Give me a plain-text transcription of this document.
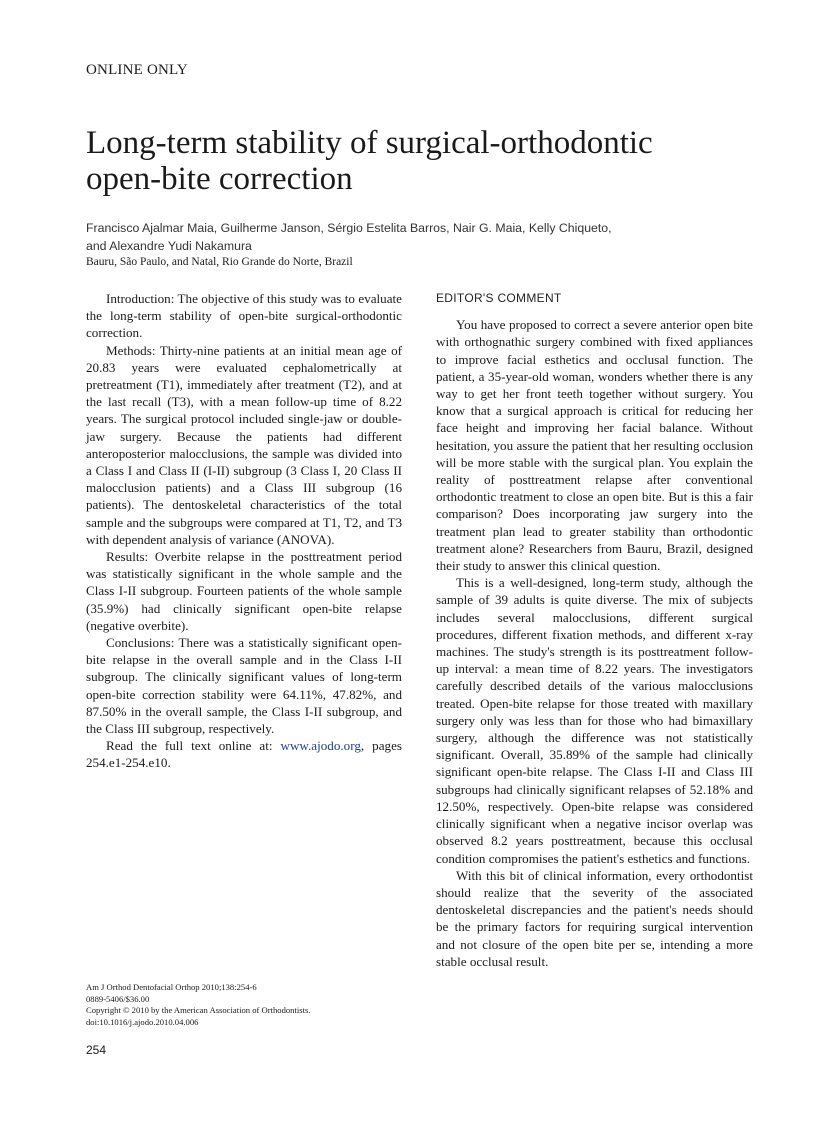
ONLINE ONLY
Long-term stability of surgical-orthodontic
open-bite correction
Francisco Ajalmar Maia, Guilherme Janson, Sérgio Estelita Barros, Nair G. Maia, Kelly Chiqueto,
and Alexandre Yudi Nakamura
Bauru, São Paulo, and Natal, Rio Grande do Norte, Brazil

Introduction: The objective of this study was to evaluate the long-term stability of open-bite surgical-orthodontic correction.

Methods: Thirty-nine patients at an initial mean age of 20.83 years were evaluated cephalometrically at pretreatment (T1), immediately after treatment (T2), and at the last recall (T3), with a mean follow-up time of 8.22 years. The surgical protocol included single-jaw or double-jaw surgery. Because the patients had different anteroposterior malocclusions, the sample was divided into a Class I and Class II (I-II) subgroup (3 Class I, 20 Class II malocclusion patients) and a Class III subgroup (16 patients). The dentoskeletal characteristics of the total sample and the subgroups were compared at T1, T2, and T3 with dependent analysis of variance (ANOVA).

Results: Overbite relapse in the posttreatment period was statistically significant in the whole sample and the Class I-II subgroup. Fourteen patients of the whole sample (35.9%) had clinically significant open-bite relapse (negative overbite).

Conclusions: There was a statistically significant open-bite relapse in the overall sample and in the Class I-II subgroup. The clinically significant values of long-term open-bite correction stability were 64.11%, 47.82%, and 87.50% in the overall sample, the Class I-II subgroup, and the Class III subgroup, respectively.

Read the full text online at: www.ajodo.org, pages 254.e1-254.e10.

EDITOR'S COMMENT

You have proposed to correct a severe anterior open bite with orthognathic surgery combined with fixed appliances to improve facial esthetics and occlusal function. The patient, a 35-year-old woman, wonders whether there is any way to get her front teeth together without surgery. You know that a surgical approach is critical for reducing her face height and improving her facial balance. Without hesitation, you assure the patient that her resulting occlusion will be more stable with the surgical plan. You explain the reality of posttreatment relapse after conventional orthodontic treatment to close an open bite. But is this a fair comparison? Does incorporating jaw surgery into the treatment plan lead to greater stability than orthodontic treatment alone? Researchers from Bauru, Brazil, designed their study to answer this clinical question.

This is a well-designed, long-term study, although the sample of 39 adults is quite diverse. The mix of subjects includes several malocclusions, different surgical procedures, different fixation methods, and different x-ray machines. The study's strength is its posttreatment follow-up interval: a mean time of 8.22 years. The investigators carefully described details of the various malocclusions treated. Open-bite relapse for those treated with maxillary surgery only was less than for those who had bimaxillary surgery, although the difference was not statistically significant. Overall, 35.89% of the sample had clinically significant open-bite relapse. The Class I-II and Class III subgroups had clinically significant relapses of 52.18% and 12.50%, respectively. Open-bite relapse was considered clinically significant when a negative incisor overlap was observed 8.2 years posttreatment, because this occlusal condition compromises the patient's esthetics and functions.

With this bit of clinical information, every orthodontist should realize that the severity of the associated dentoskeletal discrepancies and the patient's needs should be the primary factors for requiring surgical intervention and not closure of the open bite per se, intending a more stable occlusal result.

Am J Orthod Dentofacial Orthop 2010;138:254-6
0889-5406/$36.00
Copyright © 2010 by the American Association of Orthodontists.
doi:10.1016/j.ajodo.2010.04.006
254
